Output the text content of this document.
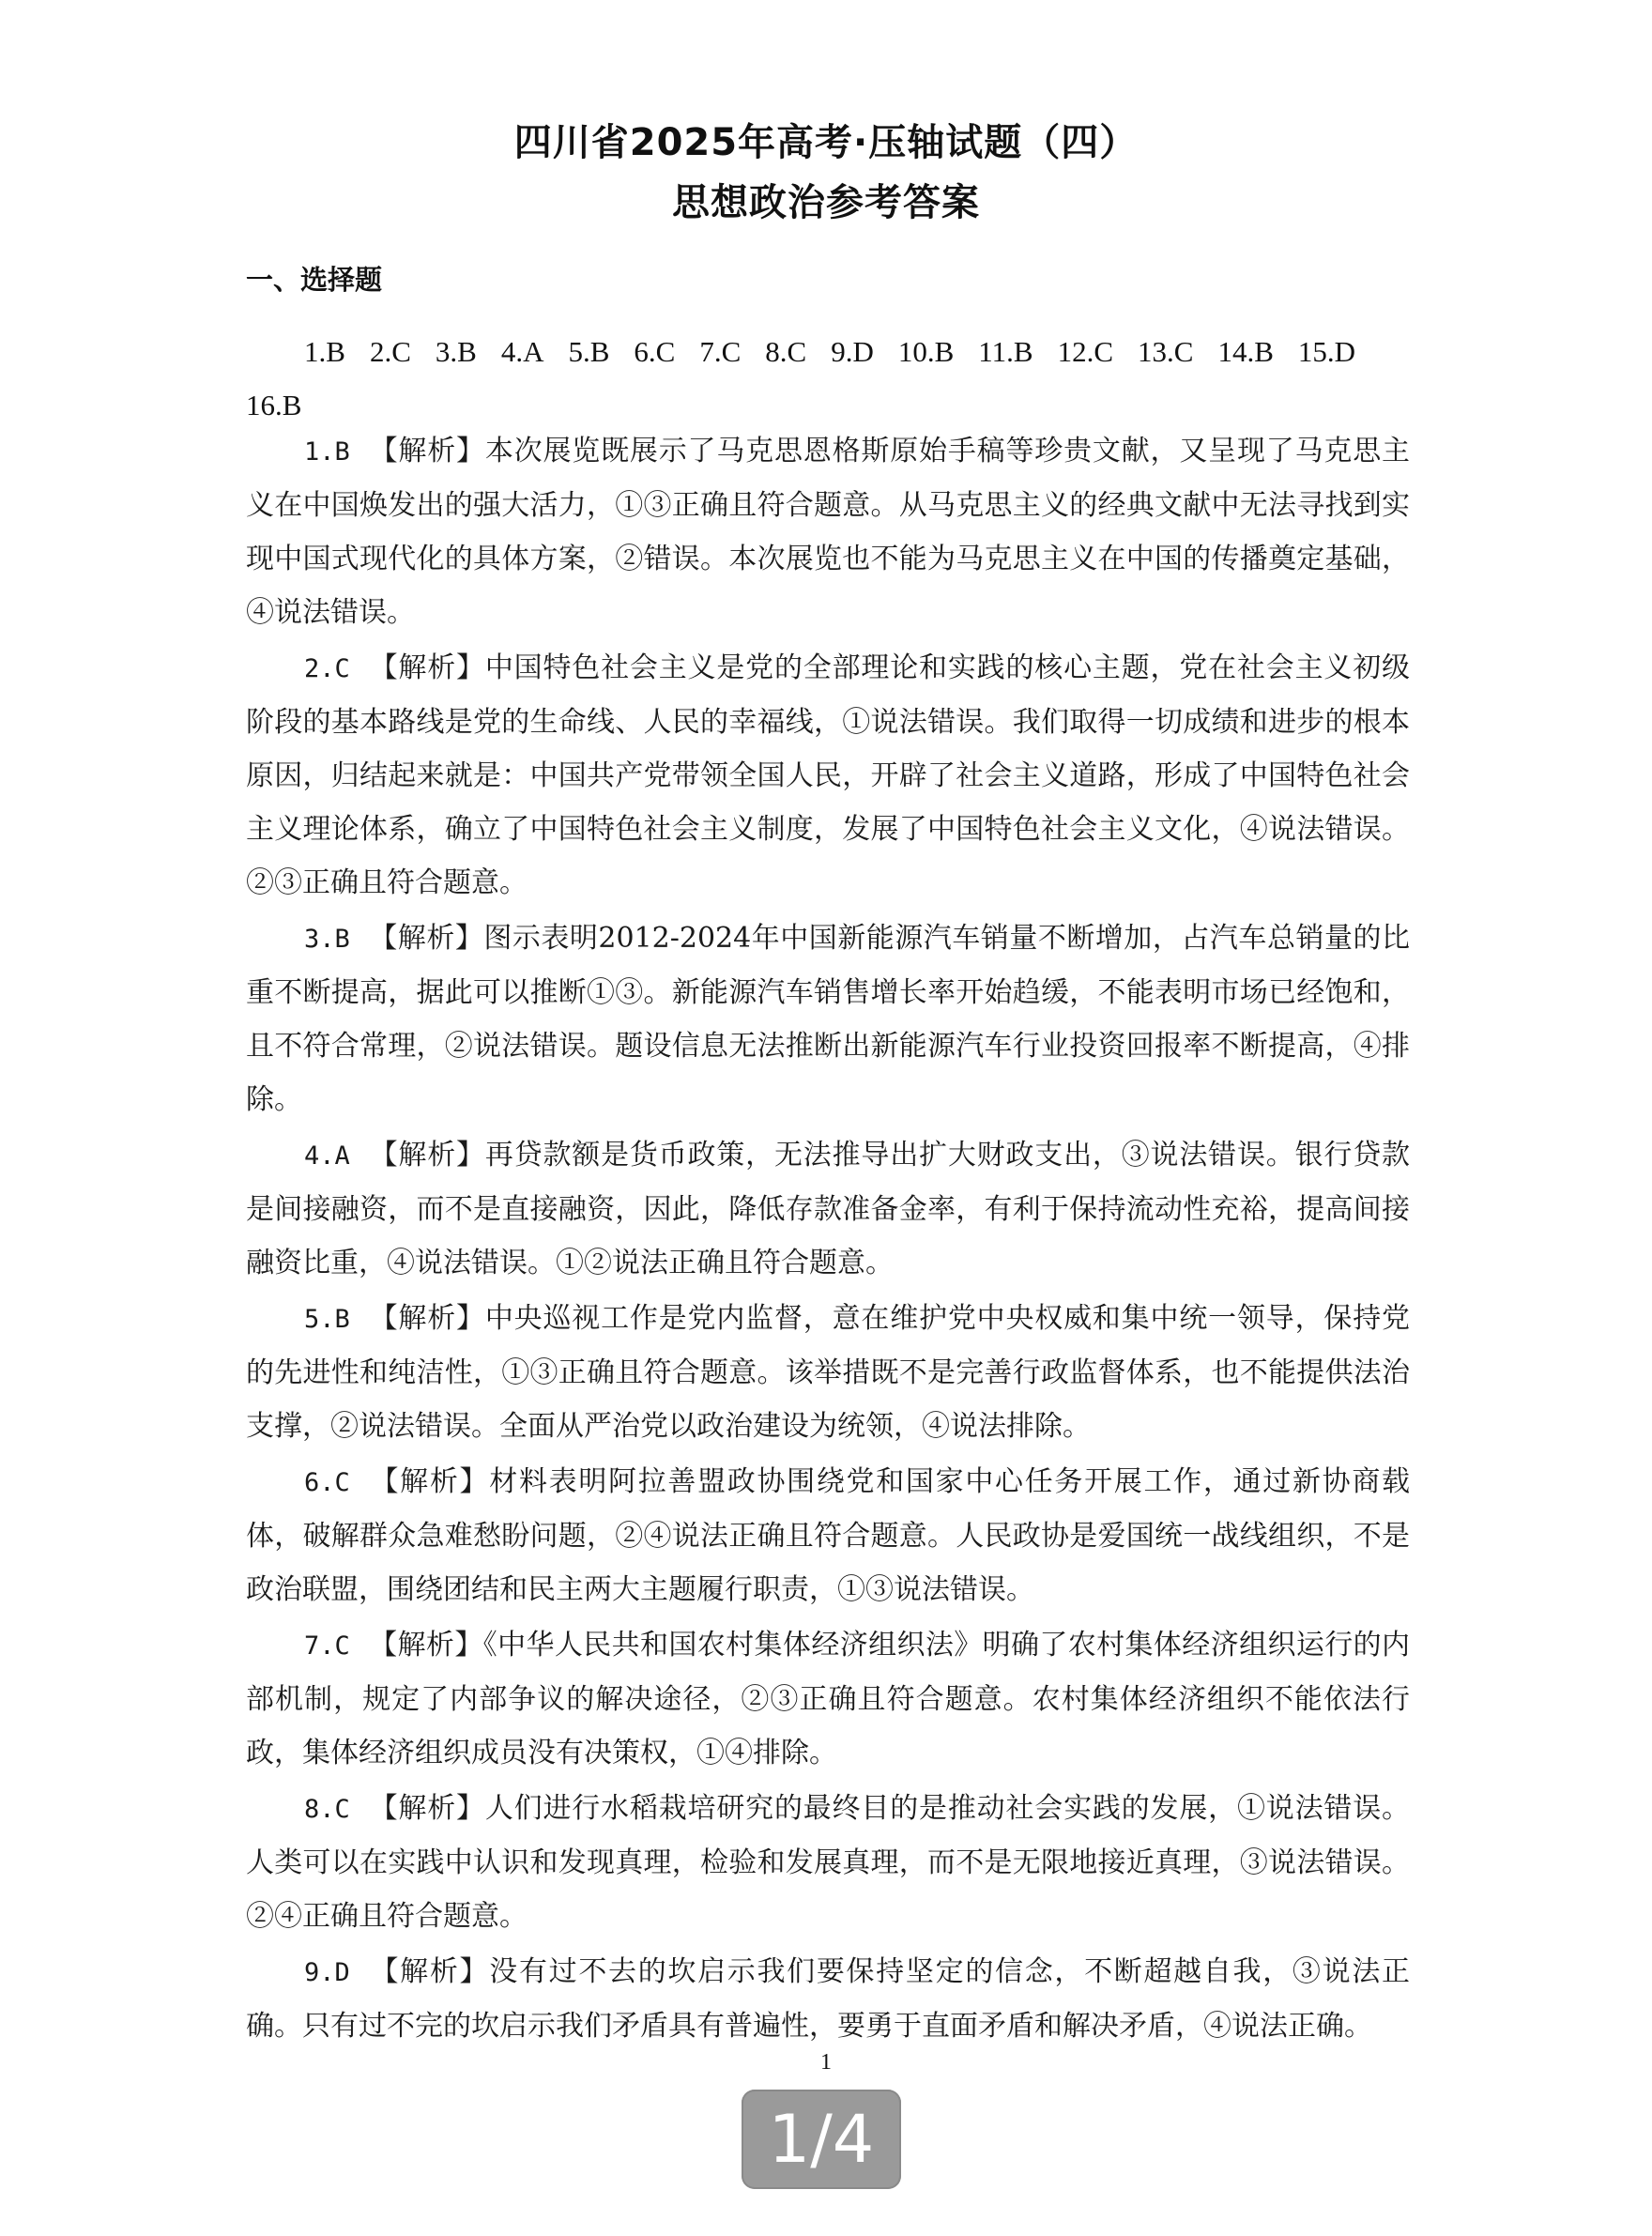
四川省2025年高考·压轴试题（四）
思想政治参考答案
一、选择题
1.B 2.C 3.B 4.A 5.B 6.C 7.C 8.C 9.D 10.B 11.B 12.C 13.C 14.B 15.D16.B

1.B 【解析】本次展览既展示了马克思恩格斯原始手稿等珍贵文献，又呈现了马克思主义在中国焕发出的强大活力，①③正确且符合题意。从马克思主义的经典文献中无法寻找到实现中国式现代化的具体方案，②错误。本次展览也不能为马克思主义在中国的传播奠定基础，④说法错误。

2.C 【解析】中国特色社会主义是党的全部理论和实践的核心主题，党在社会主义初级阶段的基本路线是党的生命线、人民的幸福线，①说法错误。我们取得一切成绩和进步的根本原因，归结起来就是：中国共产党带领全国人民，开辟了社会主义道路，形成了中国特色社会主义理论体系，确立了中国特色社会主义制度，发展了中国特色社会主义文化，④说法错误。②③正确且符合题意。

3.B 【解析】图示表明2012-2024年中国新能源汽车销量不断增加，占汽车总销量的比重不断提高，据此可以推断①③。新能源汽车销售增长率开始趋缓，不能表明市场已经饱和，且不符合常理，②说法错误。题设信息无法推断出新能源汽车行业投资回报率不断提高，④排除。

4.A 【解析】再贷款额是货币政策，无法推导出扩大财政支出，③说法错误。银行贷款是间接融资，而不是直接融资，因此，降低存款准备金率，有利于保持流动性充裕，提高间接融资比重，④说法错误。①②说法正确且符合题意。

5.B 【解析】中央巡视工作是党内监督，意在维护党中央权威和集中统一领导，保持党的先进性和纯洁性，①③正确且符合题意。该举措既不是完善行政监督体系，也不能提供法治支撑，②说法错误。全面从严治党以政治建设为统领，④说法排除。

6.C 【解析】材料表明阿拉善盟政协围绕党和国家中心任务开展工作，通过新协商载体，破解群众急难愁盼问题，②④说法正确且符合题意。人民政协是爱国统一战线组织，不是政治联盟，围绕团结和民主两大主题履行职责，①③说法错误。

7.C 【解析】《中华人民共和国农村集体经济组织法》明确了农村集体经济组织运行的内部机制，规定了内部争议的解决途径，②③正确且符合题意。农村集体经济组织不能依法行政，集体经济组织成员没有决策权，①④排除。

8.C 【解析】人们进行水稻栽培研究的最终目的是推动社会实践的发展，①说法错误。人类可以在实践中认识和发现真理，检验和发展真理，而不是无限地接近真理，③说法错误。②④正确且符合题意。

9.D 【解析】没有过不去的坎启示我们要保持坚定的信念，不断超越自我，③说法正确。只有过不完的坎启示我们矛盾具有普遍性，要勇于直面矛盾和解决矛盾，④说法正确。

1
1/4
